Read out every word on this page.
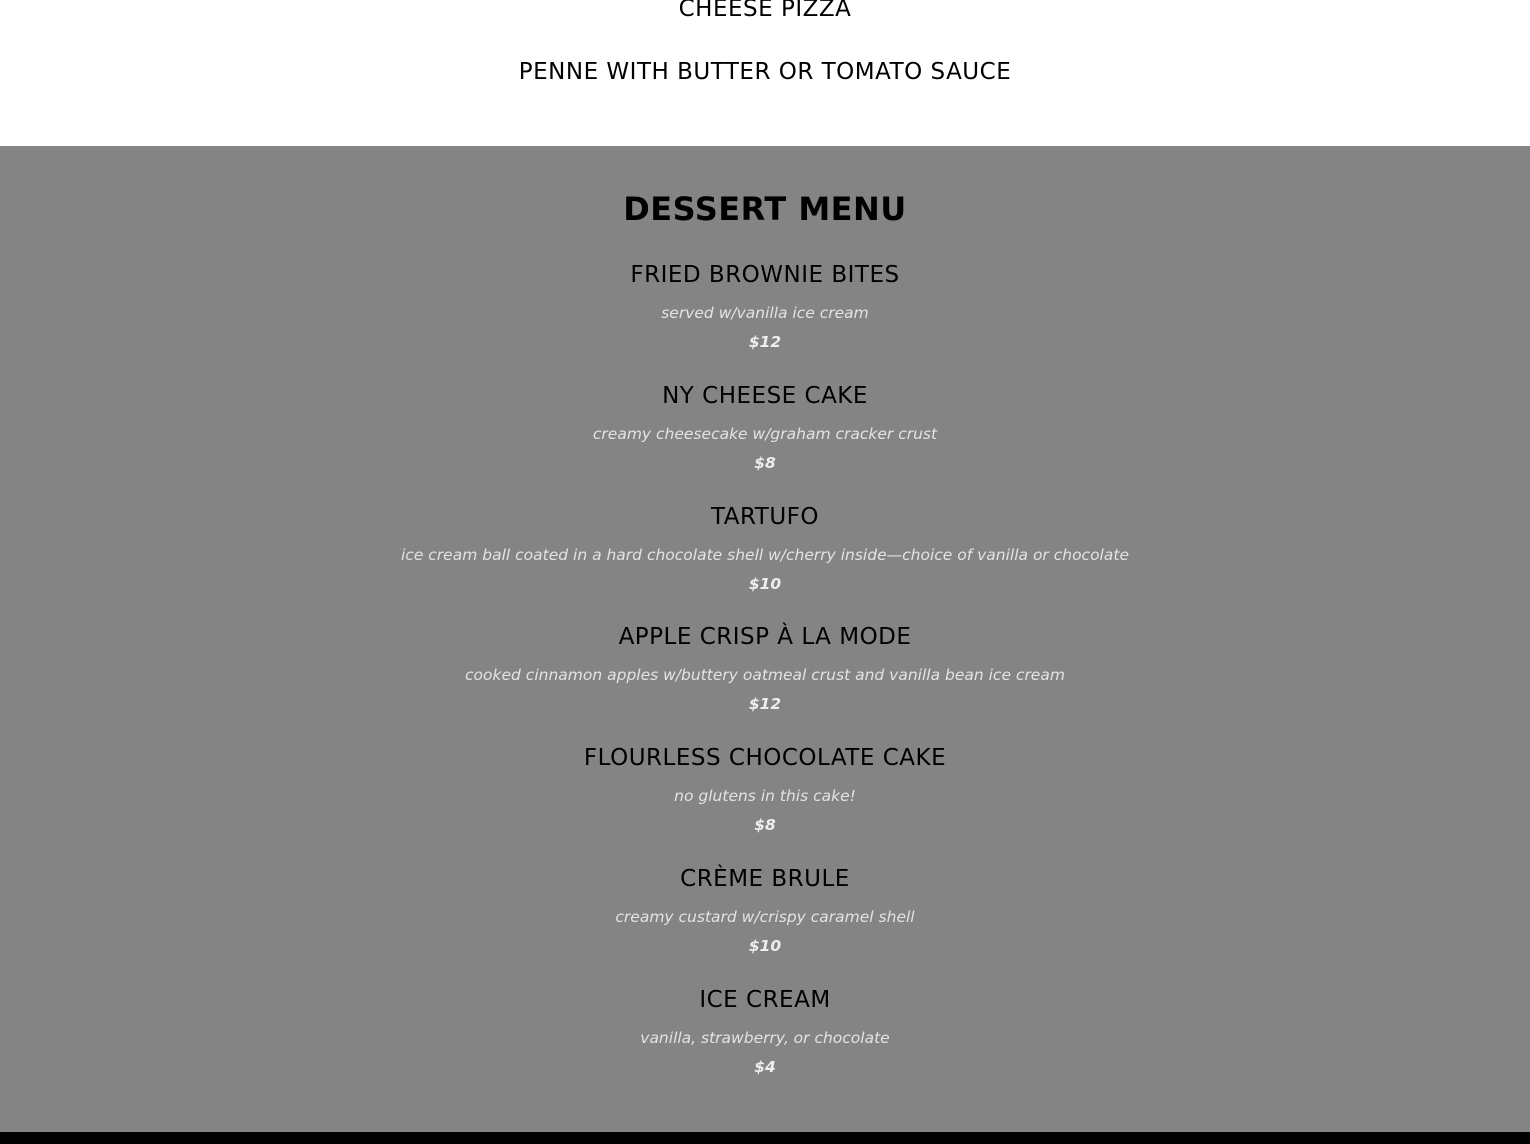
CHEESE PIZZA
PENNE WITH BUTTER OR TOMATO SAUCE
DESSERT MENU
FRIED BROWNIE BITES
served w/vanilla ice cream
$12
NY CHEESE CAKE
creamy cheesecake w/graham cracker crust
$8
TARTUFO
ice cream ball coated in a hard chocolate shell w/cherry inside—choice of vanilla or chocolate
$10
APPLE CRISP À LA MODE
cooked cinnamon apples w/buttery oatmeal crust and vanilla bean ice cream
$12
FLOURLESS CHOCOLATE CAKE
no glutens in this cake!
$8
CRÈME BRULE
creamy custard w/crispy caramel shell
$10
ICE CREAM
vanilla, strawberry, or chocolate
$4
